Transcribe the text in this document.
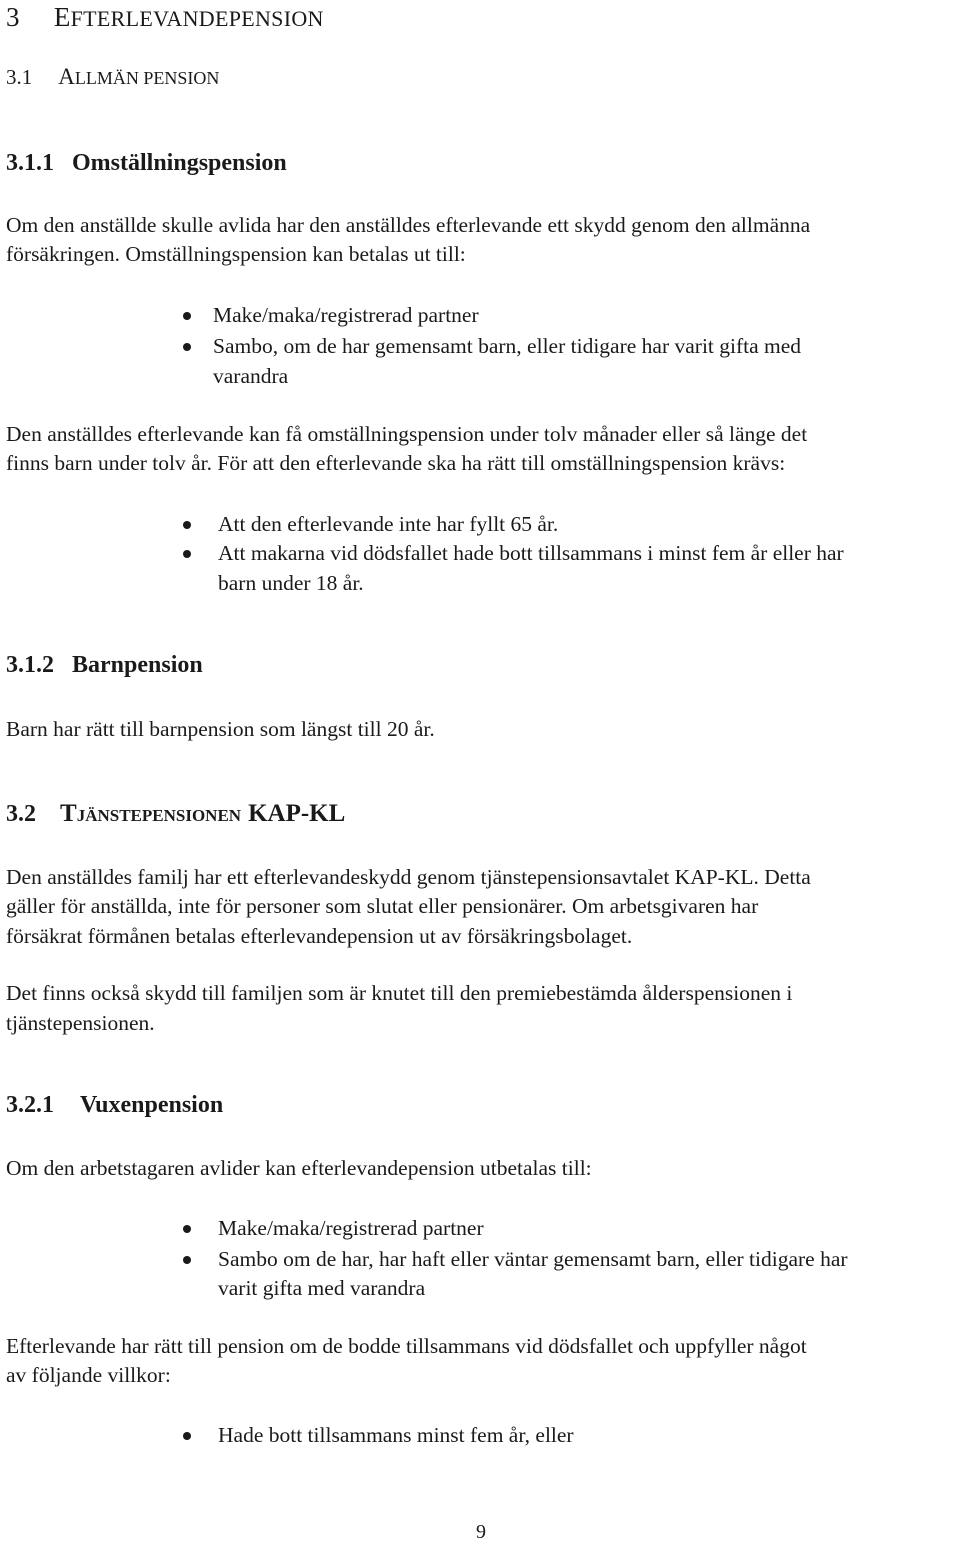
3 EFTERLEVANDEPENSION
3.1 ALLMÄN PENSION
3.1.1 Omställningspension
Om den anställde skulle avlida har den anställdes efterlevande ett skydd genom den allmänna
försäkringen. Omställningspension kan betalas ut till:
Make/maka/registrerad partner
Sambo, om de har gemensamt barn, eller tidigare har varit gifta med
varandra
Den anställdes efterlevande kan få omställningspension under tolv månader eller så länge det
finns barn under tolv år. För att den efterlevande ska ha rätt till omställningspension krävs:
Att den efterlevande inte har fyllt 65 år.
Att makarna vid dödsfallet hade bott tillsammans i minst fem år eller har
barn under 18 år.
3.1.2 Barnpension
Barn har rätt till barnpension som längst till 20 år.
3.2 TJÄNSTEPENSIONEN KAP-KL
Den anställdes familj har ett efterlevandeskydd genom tjänstepensionsavtalet KAP-KL. Detta
gäller för anställda, inte för personer som slutat eller pensionärer. Om arbetsgivaren har
försäkrat förmånen betalas efterlevandepension ut av försäkringsbolaget.
Det finns också skydd till familjen som är knutet till den premiebestämda ålderspensionen i
tjänstepensionen.
3.2.1 Vuxenpension
Om den arbetstagaren avlider kan efterlevandepension utbetalas till:
Make/maka/registrerad partner
Sambo om de har, har haft eller väntar gemensamt barn, eller tidigare har
varit gifta med varandra
Efterlevande har rätt till pension om de bodde tillsammans vid dödsfallet och uppfyller något
av följande villkor:
Hade bott tillsammans minst fem år, eller
9
